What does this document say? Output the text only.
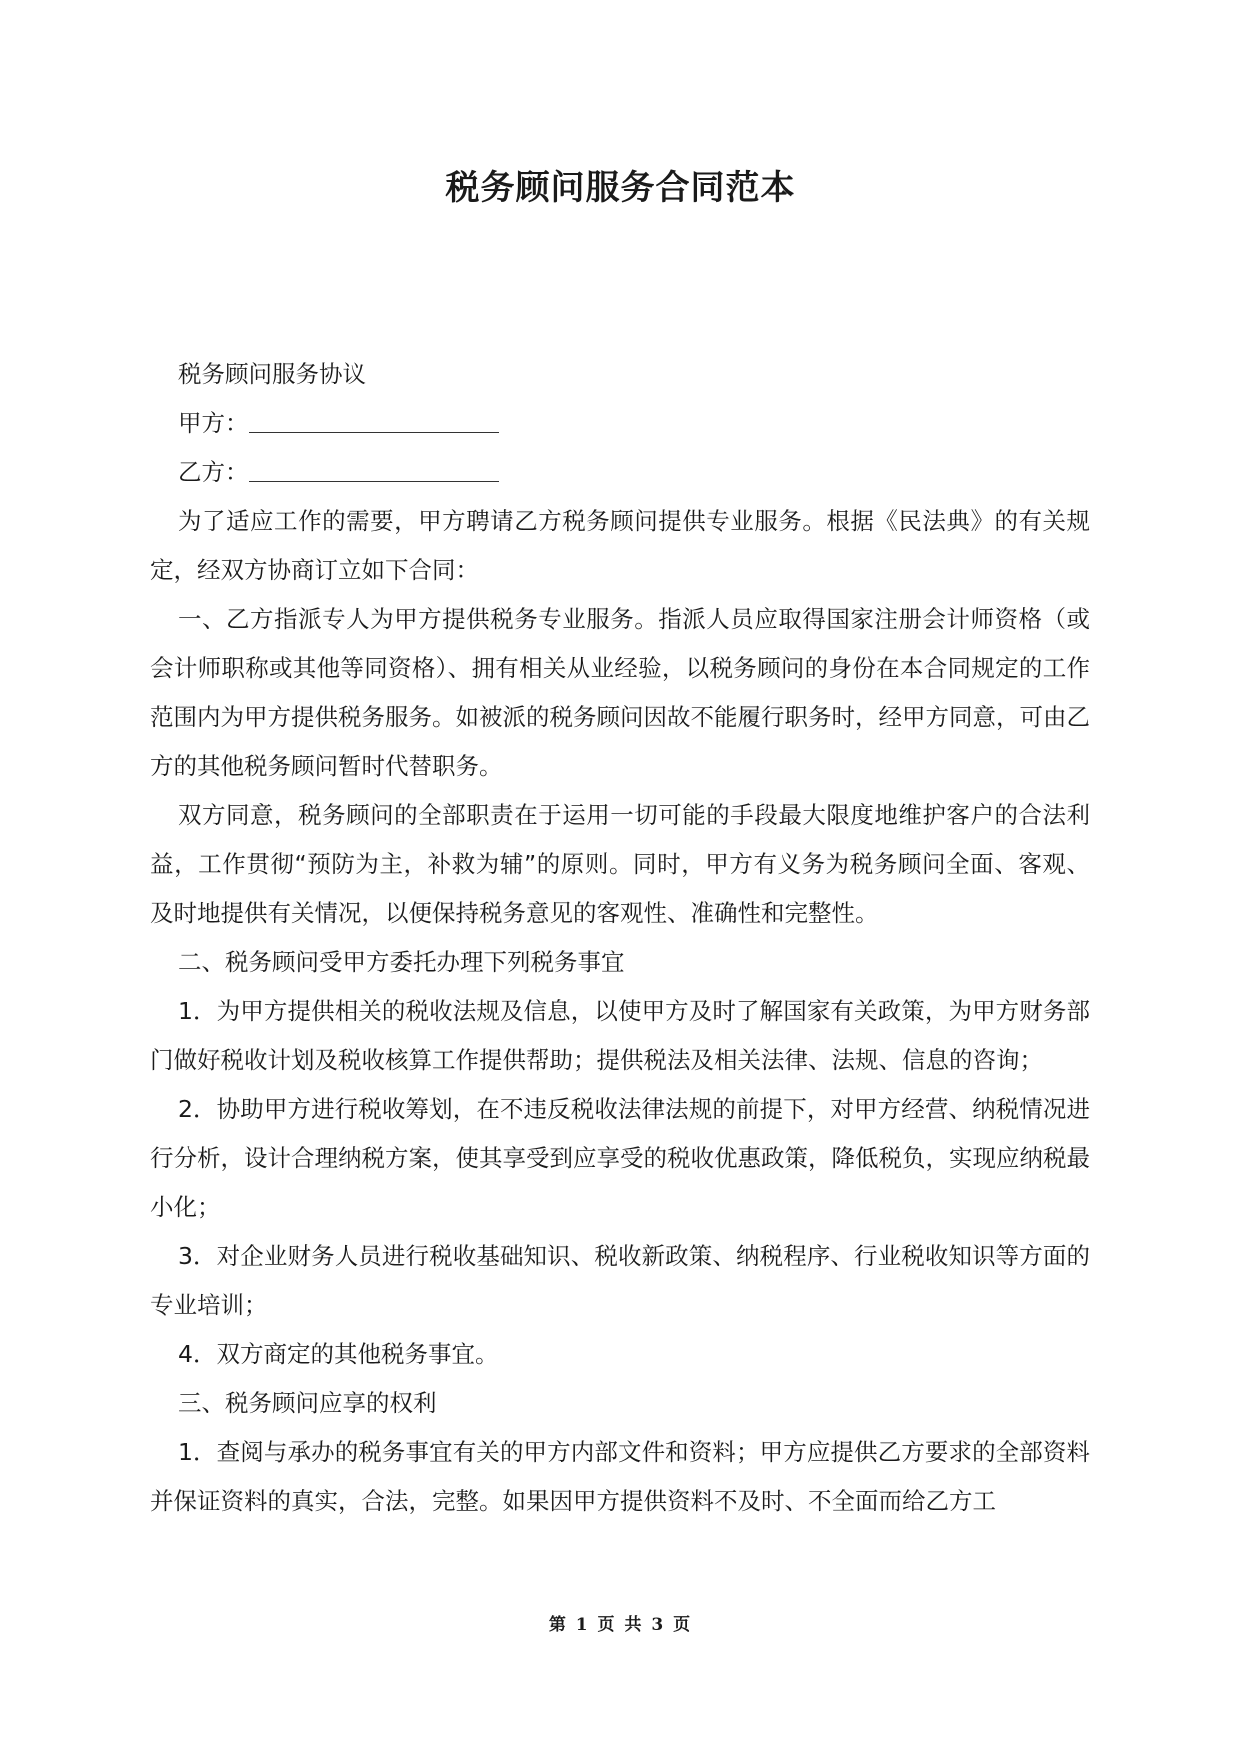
税务顾问服务合同范本

税务顾问服务协议

甲方：

乙方：

为了适应工作的需要，甲方聘请乙方税务顾问提供专业服务。根据《民法典》的有关规定，经双方协商订立如下合同：

一、乙方指派专人为甲方提供税务专业服务。指派人员应取得国家注册会计师资格（或会计师职称或其他等同资格）、拥有相关从业经验，以税务顾问的身份在本合同规定的工作范围内为甲方提供税务服务。如被派的税务顾问因故不能履行职务时，经甲方同意，可由乙方的其他税务顾问暂时代替职务。

双方同意，税务顾问的全部职责在于运用一切可能的手段最大限度地维护客户的合法利益，工作贯彻“预防为主，补救为辅”的原则。同时，甲方有义务为税务顾问全面、客观、及时地提供有关情况，以便保持税务意见的客观性、准确性和完整性。

二、税务顾问受甲方委托办理下列税务事宜

1．为甲方提供相关的税收法规及信息，以使甲方及时了解国家有关政策，为甲方财务部门做好税收计划及税收核算工作提供帮助；提供税法及相关法律、法规、信息的咨询；

2．协助甲方进行税收筹划，在不违反税收法律法规的前提下，对甲方经营、纳税情况进行分析，设计合理纳税方案，使其享受到应享受的税收优惠政策，降低税负，实现应纳税最小化；

3．对企业财务人员进行税收基础知识、税收新政策、纳税程序、行业税收知识等方面的专业培训；

4．双方商定的其他税务事宜。

三、税务顾问应享的权利

1．查阅与承办的税务事宜有关的甲方内部文件和资料；甲方应提供乙方要求的全部资料并保证资料的真实，合法，完整。如果因甲方提供资料不及时、不全面而给乙方工

第 1 页 共 3 页
